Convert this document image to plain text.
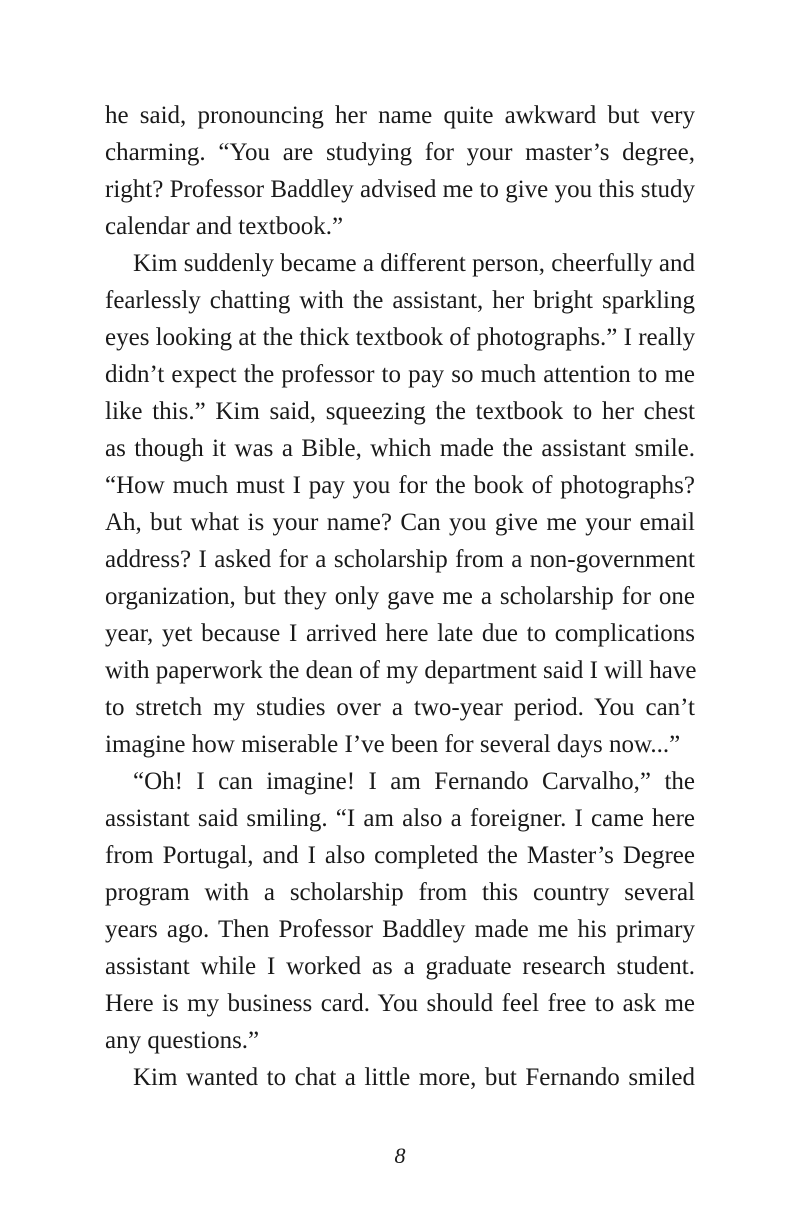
he said, pronouncing her name quite awkward but very
charming. “You are studying for your master’s degree,
right? Professor Baddley advised me to give you this study
calendar and textbook.”
Kim suddenly became a different person, cheerfully and
fearlessly chatting with the assistant, her bright sparkling
eyes looking at the thick textbook of photographs.” I really
didn’t expect the professor to pay so much attention to me
like this.” Kim said, squeezing the textbook to her chest
as though it was a Bible, which made the assistant smile.
“How much must I pay you for the book of photographs?
Ah, but what is your name? Can you give me your email
address? I asked for a scholarship from a non-government
organization, but they only gave me a scholarship for one
year, yet because I arrived here late due to complications
with paperwork the dean of my department said I will have
to stretch my studies over a two-year period. You can’t
imagine how miserable I’ve been for several days now...”
“Oh! I can imagine! I am Fernando Carvalho,” the
assistant said smiling. “I am also a foreigner. I came here
from Portugal, and I also completed the Master’s Degree
program with a scholarship from this country several
years ago. Then Professor Baddley made me his primary
assistant while I worked as a graduate research student.
Here is my business card. You should feel free to ask me
any questions.”
Kim wanted to chat a little more, but Fernando smiled
8
